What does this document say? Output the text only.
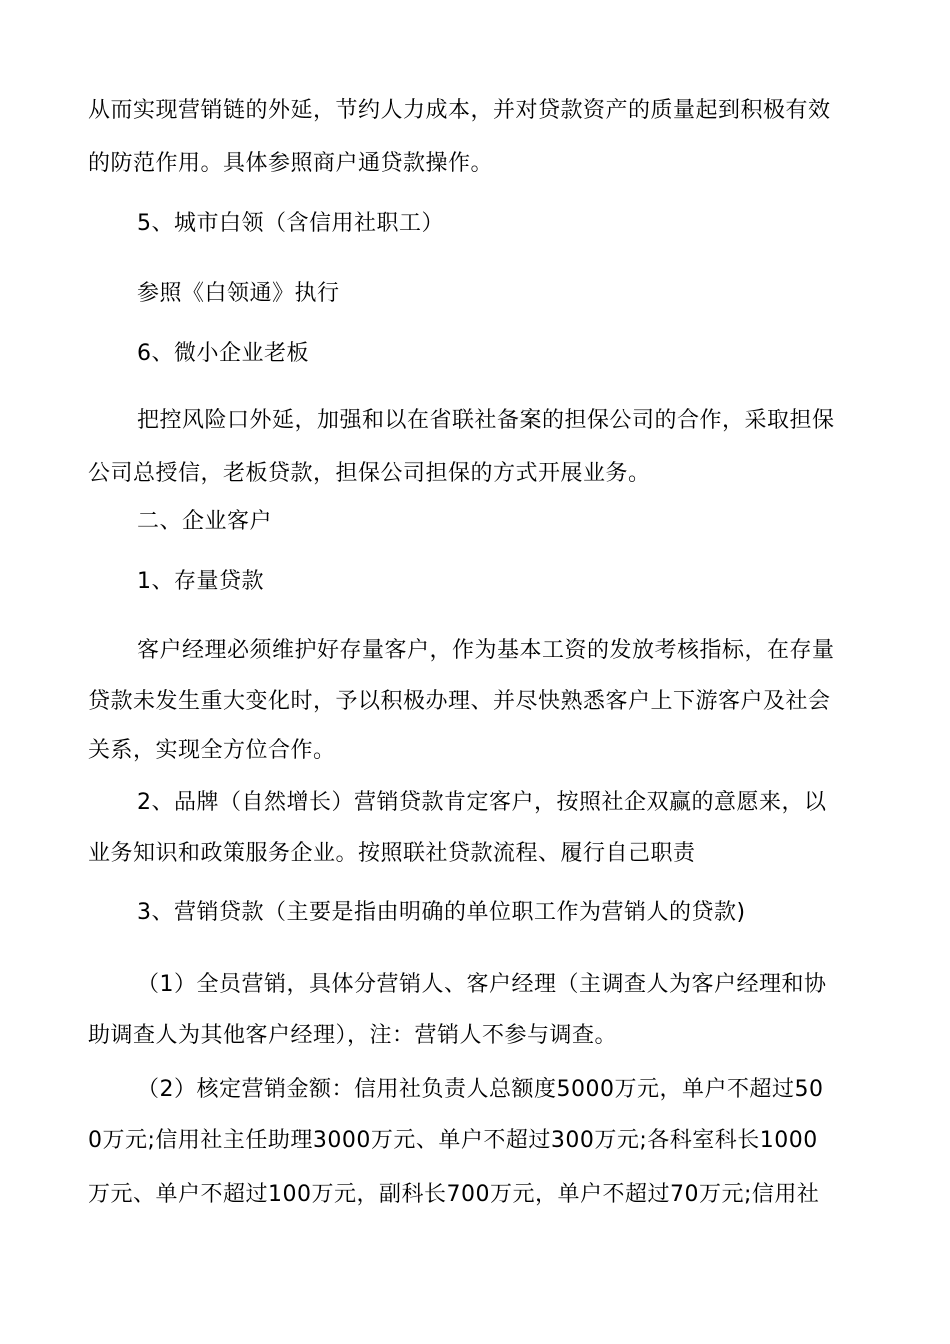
从而实现营销链的外延，节约人力成本，并对贷款资产的质量起到积极有效
的防范作用。具体参照商户通贷款操作。
5、城市白领（含信用社职工）
参照《白领通》执行
6、微小企业老板
把控风险口外延，加强和以在省联社备案的担保公司的合作，采取担保
公司总授信，老板贷款，担保公司担保的方式开展业务。
二、企业客户
1、存量贷款
客户经理必须维护好存量客户，作为基本工资的发放考核指标，在存量
贷款未发生重大变化时，予以积极办理、并尽快熟悉客户上下游客户及社会
关系，实现全方位合作。
2、品牌（自然增长）营销贷款肯定客户，按照社企双赢的意愿来，以
业务知识和政策服务企业。按照联社贷款流程、履行自己职责
3、营销贷款（主要是指由明确的单位职工作为营销人的贷款)
（1）全员营销，具体分营销人、客户经理（主调查人为客户经理和协
助调查人为其他客户经理），注：营销人不参与调查。
（2）核定营销金额：信用社负责人总额度5000万元，单户不超过50
0万元;信用社主任助理3000万元、单户不超过300万元;各科室科长1000
万元、单户不超过100万元，副科长700万元，单户不超过70万元;信用社
